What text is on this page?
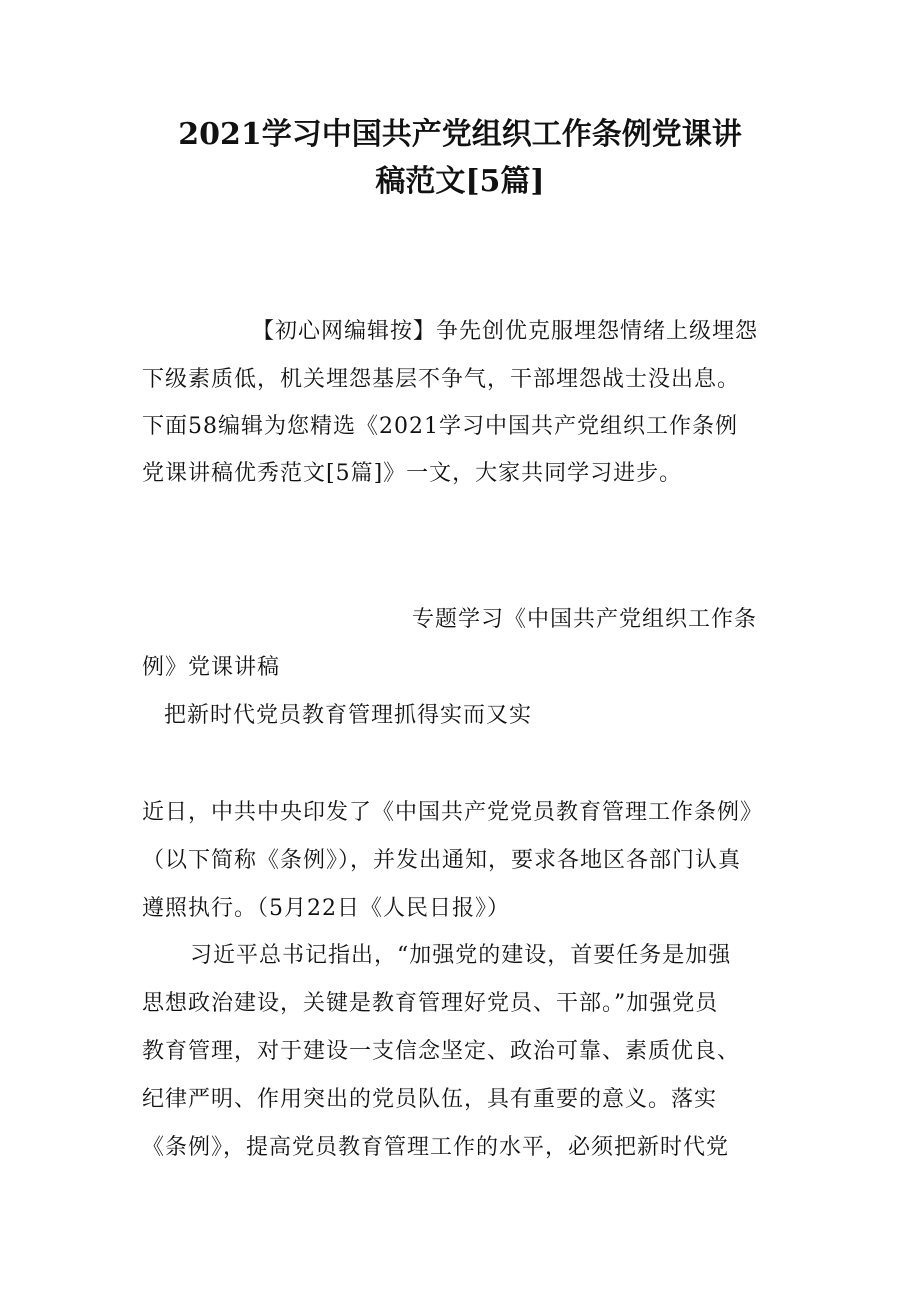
2021学习中国共产党组织工作条例党课讲
稿范文[5篇]
【初心网编辑按】争先创优克服埋怨情绪上级埋怨
下级素质低，机关埋怨基层不争气，干部埋怨战士没出息。
下面58编辑为您精选《2021学习中国共产党组织工作条例
党课讲稿优秀范文[5篇]》一文，大家共同学习进步。
专题学习《中国共产党组织工作条
例》党课讲稿
把新时代党员教育管理抓得实而又实
近日，中共中央印发了《中国共产党党员教育管理工作条例》
（以下简称《条例》），并发出通知，要求各地区各部门认真
遵照执行。（5月22日《人民日报》）
习近平总书记指出，“加强党的建设，首要任务是加强
思想政治建设，关键是教育管理好党员、干部。”加强党员
教育管理，对于建设一支信念坚定、政治可靠、素质优良、
纪律严明、作用突出的党员队伍，具有重要的意义。落实
《条例》，提高党员教育管理工作的水平，必须把新时代党
